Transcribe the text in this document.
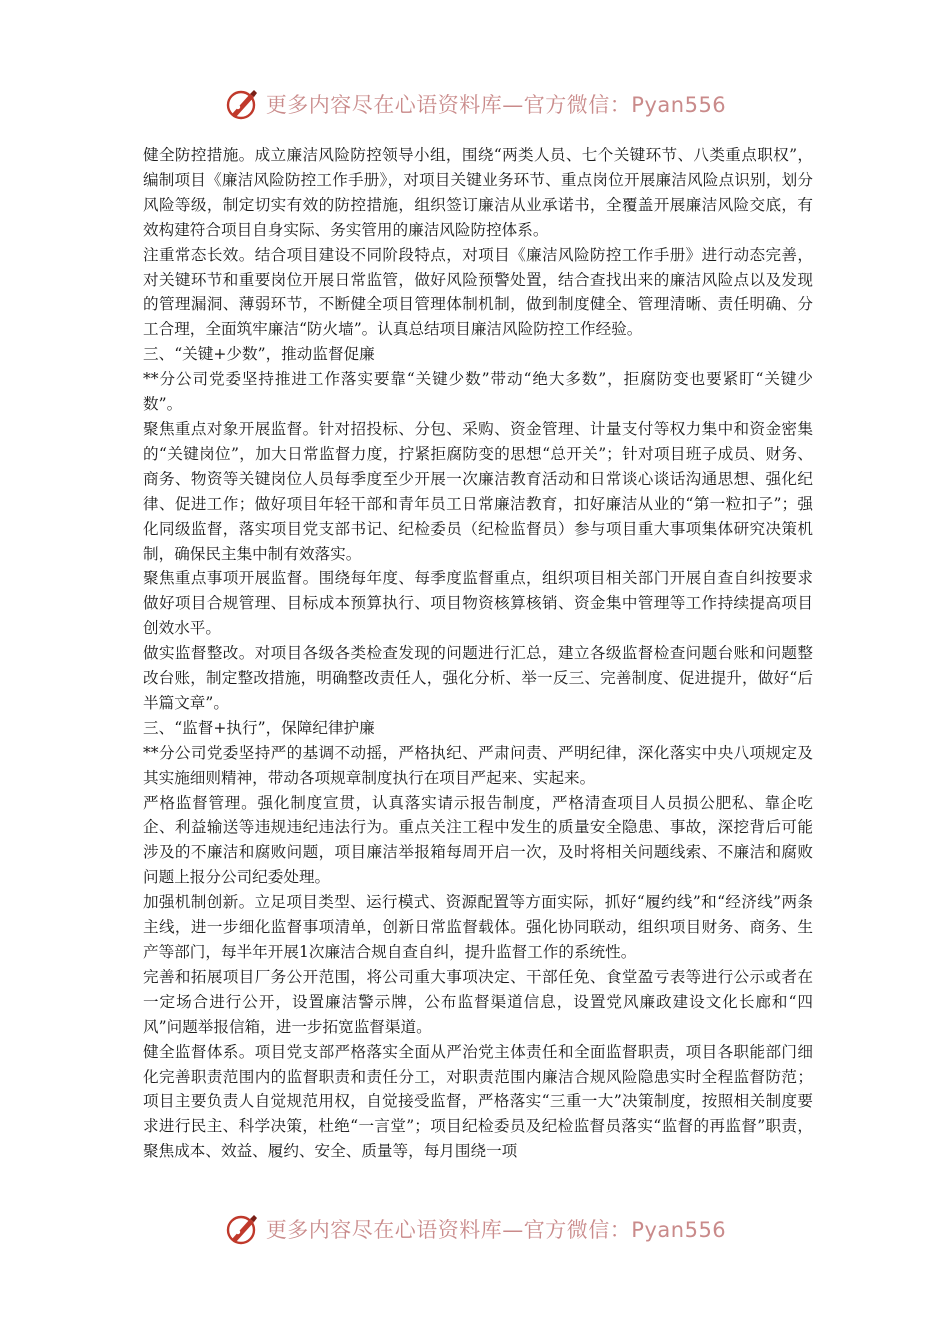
更多内容尽在心语资料库—官方微信：Pyan556

健全防控措施。成立廉洁风险防控领导小组，围绕“两类人员、七个关键环节、八类重点职权”，编制项目《廉洁风险防控工作手册》，对项目关键业务环节、重点岗位开展廉洁风险点识别，划分风险等级，制定切实有效的防控措施，组织签订廉洁从业承诺书，全覆盖开展廉洁风险交底，有效构建符合项目自身实际、务实管用的廉洁风险防控体系。

注重常态长效。结合项目建设不同阶段特点，对项目《廉洁风险防控工作手册》进行动态完善，对关键环节和重要岗位开展日常监管，做好风险预警处置，结合查找出来的廉洁风险点以及发现的管理漏洞、薄弱环节，不断健全项目管理体制机制，做到制度健全、管理清晰、责任明确、分工合理，全面筑牢廉洁“防火墙”。认真总结项目廉洁风险防控工作经验。

三、“关键+少数”，推动监督促廉

**分公司党委坚持推进工作落实要靠“关键少数”带动“绝大多数”，拒腐防变也要紧盯“关键少数”。

聚焦重点对象开展监督。针对招投标、分包、采购、资金管理、计量支付等权力集中和资金密集的“关键岗位”，加大日常监督力度，拧紧拒腐防变的思想“总开关”；针对项目班子成员、财务、商务、物资等关键岗位人员每季度至少开展一次廉洁教育活动和日常谈心谈话沟通思想、强化纪律、促进工作；做好项目年轻干部和青年员工日常廉洁教育，扣好廉洁从业的“第一粒扣子”；强化同级监督，落实项目党支部书记、纪检委员（纪检监督员）参与项目重大事项集体研究决策机制，确保民主集中制有效落实。

聚焦重点事项开展监督。围绕每年度、每季度监督重点，组织项目相关部门开展自查自纠按要求做好项目合规管理、目标成本预算执行、项目物资核算核销、资金集中管理等工作持续提高项目创效水平。

做实监督整改。对项目各级各类检查发现的问题进行汇总，建立各级监督检查问题台账和问题整改台账，制定整改措施，明确整改责任人，强化分析、举一反三、完善制度、促进提升，做好“后半篇文章”。

三、“监督+执行”，保障纪律护廉

**分公司党委坚持严的基调不动摇，严格执纪、严肃问责、严明纪律，深化落实中央八项规定及其实施细则精神，带动各项规章制度执行在项目严起来、实起来。

严格监督管理。强化制度宣贯，认真落实请示报告制度，严格清查项目人员损公肥私、靠企吃企、利益输送等违规违纪违法行为。重点关注工程中发生的质量安全隐患、事故，深挖背后可能涉及的不廉洁和腐败问题，项目廉洁举报箱每周开启一次，及时将相关问题线索、不廉洁和腐败问题上报分公司纪委处理。

加强机制创新。立足项目类型、运行模式、资源配置等方面实际，抓好“履约线”和“经济线”两条主线，进一步细化监督事项清单，创新日常监督载体。强化协同联动，组织项目财务、商务、生产等部门，每半年开展1次廉洁合规自查自纠，提升监督工作的系统性。

完善和拓展项目厂务公开范围，将公司重大事项决定、干部任免、食堂盈亏表等进行公示或者在一定场合进行公开，设置廉洁警示牌，公布监督渠道信息，设置党风廉政建设文化长廊和“四风”问题举报信箱，进一步拓宽监督渠道。

健全监督体系。项目党支部严格落实全面从严治党主体责任和全面监督职责，项目各职能部门细化完善职责范围内的监督职责和责任分工，对职责范围内廉洁合规风险隐患实时全程监督防范；项目主要负责人自觉规范用权，自觉接受监督，严格落实“三重一大”决策制度，按照相关制度要求进行民主、科学决策，杜绝“一言堂”；项目纪检委员及纪检监督员落实“监督的再监督”职责，聚焦成本、效益、履约、安全、质量等，每月围绕一项

更多内容尽在心语资料库—官方微信：Pyan556
